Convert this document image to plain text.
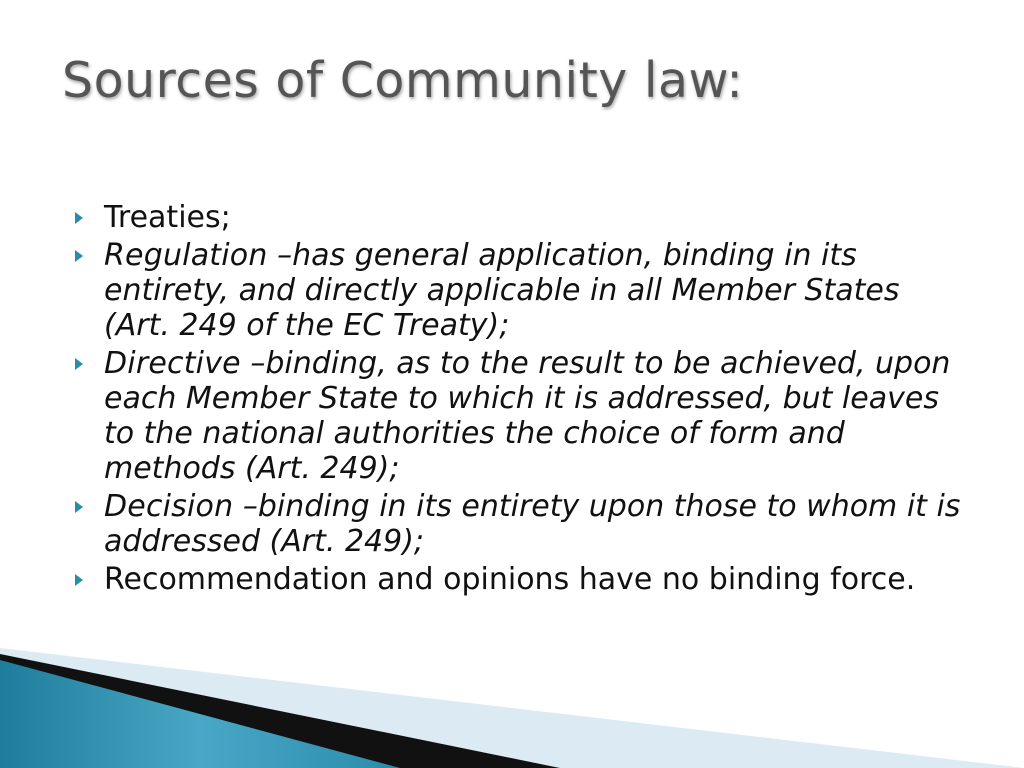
Sources of Community law:
Treaties;
Regulation –has general application, binding in its entirety, and directly applicable in all Member States (Art. 249 of the EC Treaty);
Directive –binding, as to the result to be achieved, upon each Member State to which it is addressed, but leaves to the national authorities the choice of form and methods (Art. 249);
Decision –binding in its entirety upon those to whom it is addressed (Art. 249);
Recommendation and opinions have no binding force.
